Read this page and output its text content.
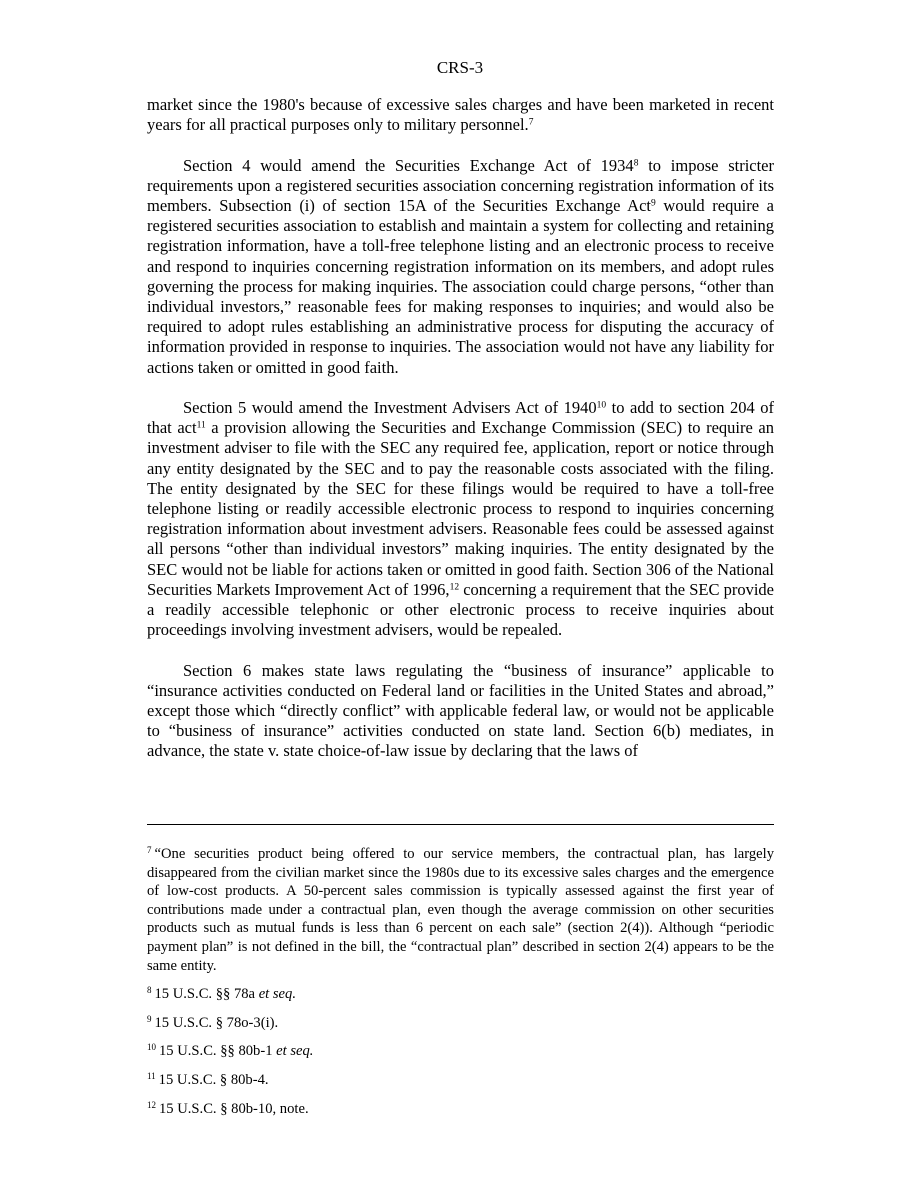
CRS-3

market since the 1980's because of excessive sales charges and have been marketed in recent years for all practical purposes only to military personnel.$^7$

Section 4 would amend the Securities Exchange Act of 1934$^8$ to impose stricter requirements upon a registered securities association concerning registration information of its members. Subsection (i) of section 15A of the Securities Exchange Act$^9$ would require a registered securities association to establish and maintain a system for collecting and retaining registration information, have a toll-free telephone listing and an electronic process to receive and respond to inquiries concerning registration information on its members, and adopt rules governing the process for making inquiries. The association could charge persons, “other than individual investors,” reasonable fees for making responses to inquiries; and would also be required to adopt rules establishing an administrative process for disputing the accuracy of information provided in response to inquiries. The association would not have any liability for actions taken or omitted in good faith.

Section 5 would amend the Investment Advisers Act of 1940$^{10}$ to add to section 204 of that act$^{11}$ a provision allowing the Securities and Exchange Commission (SEC) to require an investment adviser to file with the SEC any required fee, application, report or notice through any entity designated by the SEC and to pay the reasonable costs associated with the filing. The entity designated by the SEC for these filings would be required to have a toll-free telephone listing or readily accessible electronic process to respond to inquiries concerning registration information about investment advisers. Reasonable fees could be assessed against all persons “other than individual investors” making inquiries. The entity designated by the SEC would not be liable for actions taken or omitted in good faith. Section 306 of the National Securities Markets Improvement Act of 1996,12 concerning a requirement that the SEC provide a readily accessible telephonic or other electronic process to receive inquiries about proceedings involving investment advisers, would be repealed.

Section 6 makes state laws regulating the “business of insurance” applicable to “insurance activities conducted on Federal land or facilities in the United States and abroad,” except those which “directly conflict” with applicable federal law, or would not be applicable to “business of insurance” activities conducted on state land. Section 6(b) mediates, in advance, the state v. state choice-of-law issue by declaring that the laws of

$^7$ “One securities product being offered to our service members, the contractual plan, has largely disappeared from the civilian market since the 1980s due to its excessive sales charges and the emergence of low-cost products. A 50-percent sales commission is typically assessed against the first year of contributions made under a contractual plan, even though the average commission on other securities products such as mutual funds is less than 6 percent on each sale” (section 2(4)). Although “periodic payment plan” is not defined in the bill, the “contractual plan” described in section 2(4) appears to be the same entity.
$^8$ 15 U.S.C. §§ 78a et seq.
$^9$ 15 U.S.C. § 78o-3(i).
$^{10}$ 15 U.S.C. §§ 80b-1 et seq.
$^{11}$ 15 U.S.C. § 80b-4.
$^{12}$ 15 U.S.C. § 80b-10, note.
